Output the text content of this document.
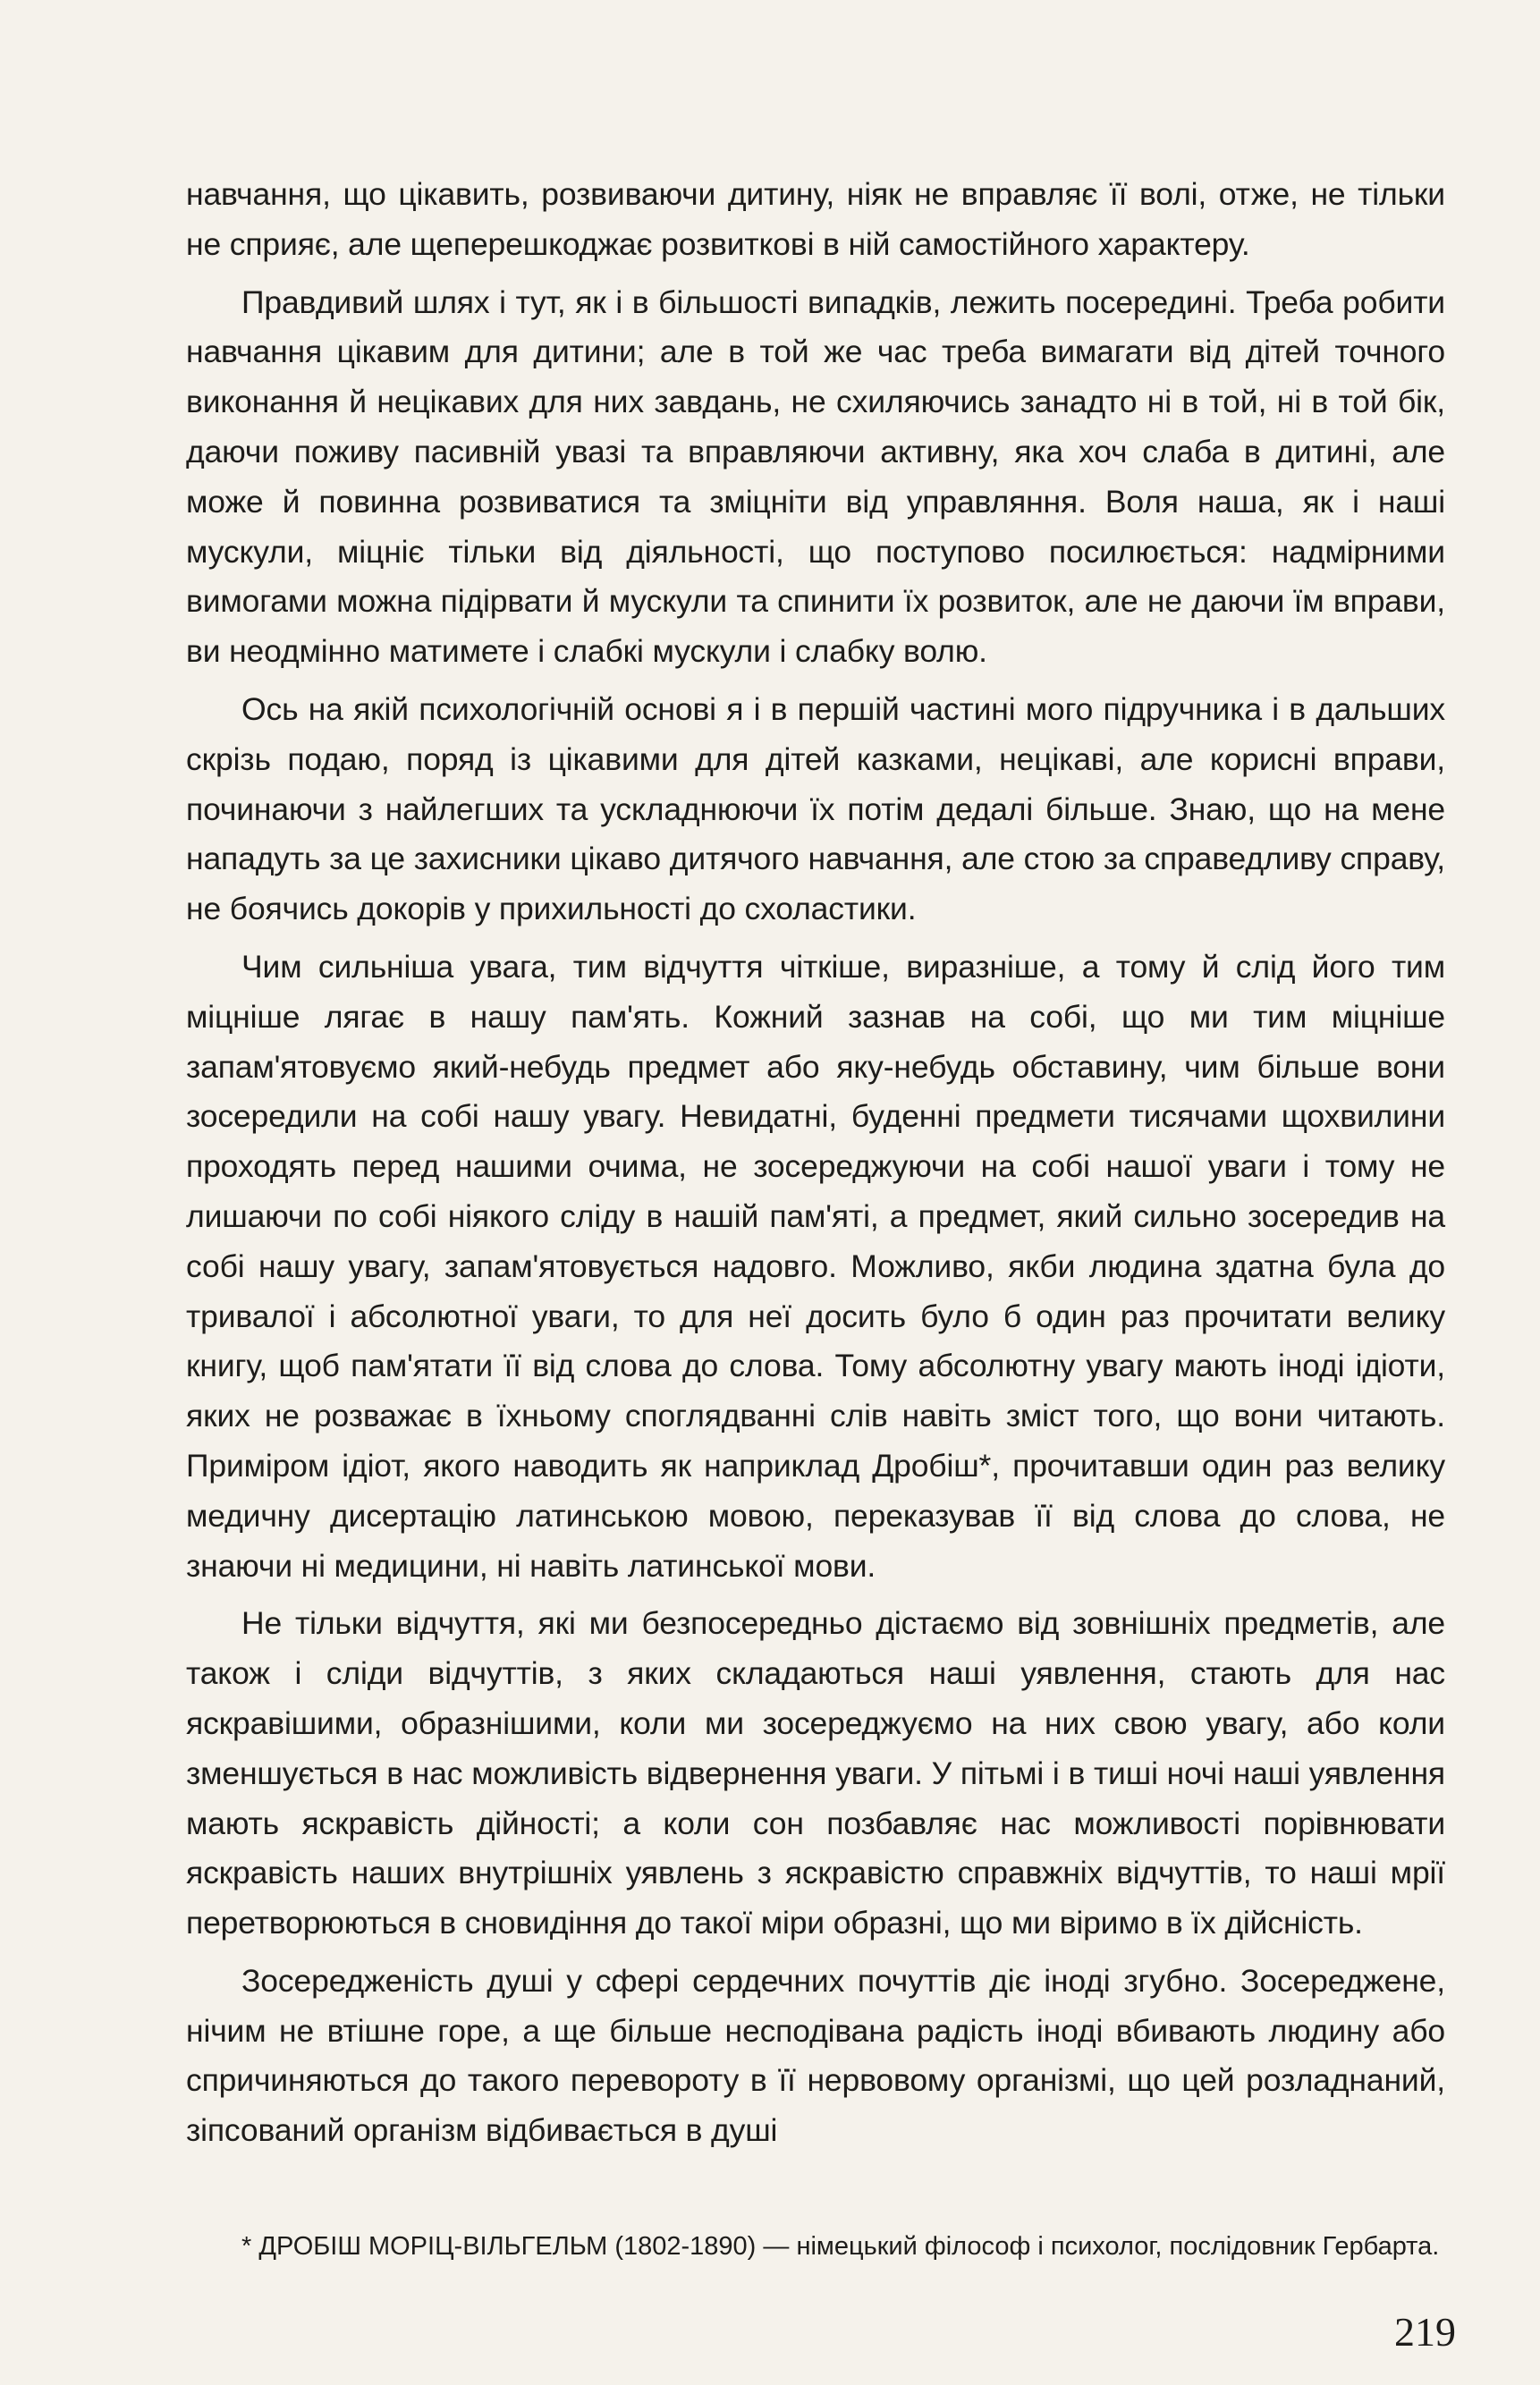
навчання, що цікавить, розвиваючи дитину, ніяк не вправляє її волі, отже, не тільки не сприяє, але щеперешкоджає розвиткові в ній самостійного характеру.

Правдивий шлях і тут, як і в більшості випадків, лежить посередині. Треба робити навчання цікавим для дитини; але в той же час треба вимагати від дітей точного виконання й нецікавих для них завдань, не схиляючись занадто ні в той, ні в той бік, даючи поживу пасивній увазі та вправляючи активну, яка хоч слаба в дитині, але може й повинна розвиватися та зміцніти від управляння. Воля наша, як і наші мускули, міцніє тільки від діяльності, що поступово посилюється: надмірними вимогами можна підірвати й мускули та спинити їх розвиток, але не даючи їм вправи, ви неодмінно матимете і слабкі мускули і слабку волю.

Ось на якій психологічній основі я і в першій частині мого підручника і в дальших скрізь подаю, поряд із цікавими для дітей казками, нецікаві, але корисні вправи, починаючи з найлегших та ускладнюючи їх потім дедалі більше. Знаю, що на мене нападуть за це захисники цікаво дитячого навчання, але стою за справедливу справу, не боячись докорів у прихильності до схоластики.

Чим сильніша увага, тим відчуття чіткіше, виразніше, а тому й слід його тим міцніше лягає в нашу пам'ять. Кожний зазнав на собі, що ми тим міцніше запам'ятовуємо який-небудь предмет або яку-небудь обставину, чим більше вони зосередили на собі нашу увагу. Невидатні, буденні предмети тисячами щохвилини проходять перед нашими очима, не зосереджуючи на собі нашої уваги і тому не лишаючи по собі ніякого сліду в нашій пам'яті, а предмет, який сильно зосередив на собі нашу увагу, запам'ятовується надовго. Можливо, якби людина здатна була до тривалої і абсолютної уваги, то для неї досить було б один раз прочитати велику книгу, щоб пам'ятати її від слова до слова. Тому абсолютну увагу мають іноді ідіоти, яких не розважає в їхньому споглядванні слів навіть зміст того, що вони читають. Приміром ідіот, якого наводить як наприклад Дробіш*, прочитавши один раз велику медичну дисертацію латинською мовою, переказував її від слова до слова, не знаючи ні медицини, ні навіть латинської мови.

Не тільки відчуття, які ми безпосередньо дістаємо від зовнішніх предметів, але також і сліди відчуттів, з яких складаються наші уявлення, стають для нас яскравішими, образнішими, коли ми зосереджуємо на них свою увагу, або коли зменшується в нас можливість відвернення уваги. У пітьмі і в тиші ночі наші уявлення мають яскравість дійності; а коли сон позбавляє нас можливості порівнювати яскравість наших внутрішніх уявлень з яскравістю справжніх відчуттів, то наші мрії перетворюються в сновидіння до такої міри образні, що ми віримо в їх дійсність.

Зосередженість душі у сфері сердечних почуттів діє іноді згубно. Зосереджене, нічим не втішне горе, а ще більше несподівана радість іноді вбивають людину або спричиняються до такого перевороту в її нервовому організмі, що цей розладнаний, зіпсований організм відбивається в душі

* ДРОБІШ МОРІЦ-ВІЛЬГЕЛЬМ (1802-1890) — німецький філософ і психолог, послідовник Гербарта.
219
